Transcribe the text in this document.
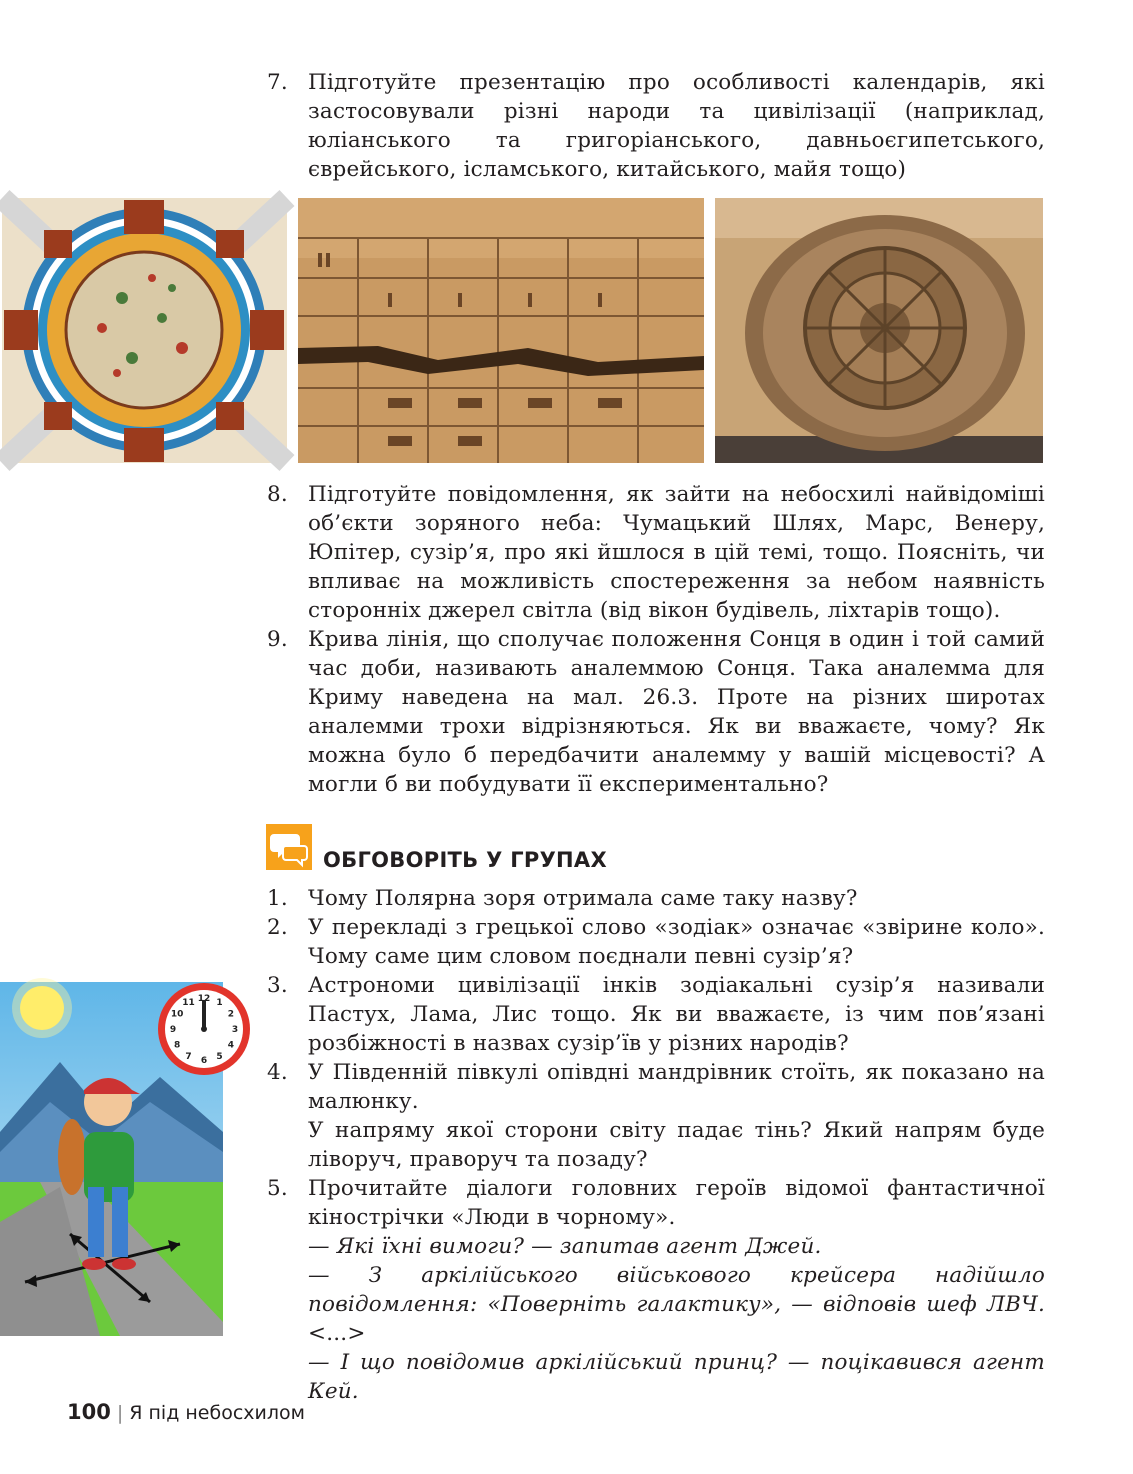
7. Підготуйте презентацію про особливості календарів, які застосовували різні народи та цивілізації (наприклад, юліанського та григоріанського, давньоєгипетського, єврейського, ісламського, китайського, майя тощо)
8. Підготуйте повідомлення, як зайти на небосхилі найвідоміші об’єкти зоряного неба: Чумацький Шлях, Марс, Венеру, Юпітер, сузір’я, про які йшлося в цій темі, тощо. Поясніть, чи впливає на можливість спостереження за небом наявність сторонніх джерел світла (від вікон будівель, ліхтарів тощо).
9. Крива лінія, що сполучає положення Сонця в один і той самий час доби, називають аналеммою Сонця. Така аналемма для Криму наведена на мал. 26.3. Проте на різних широтах аналемми трохи відрізняються. Як ви вважаєте, чому? Як можна було б передбачити аналемму у вашій місцевості? А могли б ви побудувати її експериментально?
ОБГОВОРІТЬ У ГРУПАХ
1. Чому Полярна зоря отримала саме таку назву?
2. У перекладі з грецької слово «зодіак» означає «звірине коло». Чому саме цим словом поєднали певні сузір’я?
3. Астрономи цивілізації інків зодіакальні сузір’я називали Пастух, Лама, Лис тощо. Як ви вважаєте, із чим пов’язані розбіжності в назвах сузір’їв у різних народів?
4. У Південній півкулі опівдні мандрівник стоїть, як показано на малюнку.

У напряму якої сторони світу падає тінь? Який напрям буде ліворуч, праворуч та позаду?

5. Прочитайте діалоги головних героїв відомої фантастичної кінострічки «Люди в чорному».

— Які їхні вимоги? — запитав агент Джей.

— З аркілійського військового крейсера надійшло повідомлення: «Поверніть галактику», — відповів шеф ЛВЧ. <...>

— І що повідомив аркілійський принц? — поцікавився агент Кей.

12 1
2
3
4
5
6
7
8
9
10
11
100 | Я під небосхилом
